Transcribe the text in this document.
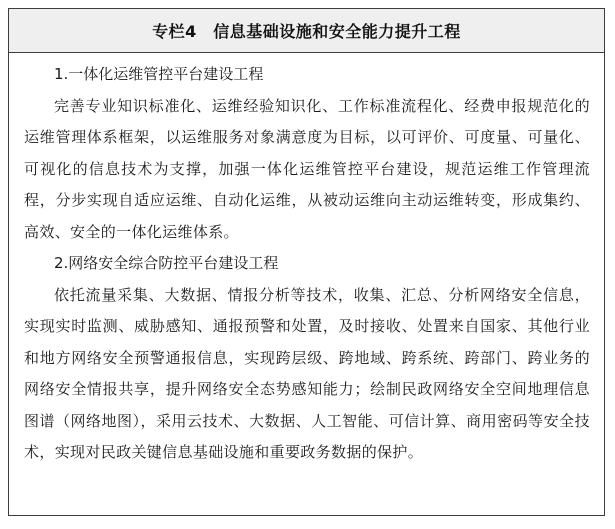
专栏4　信息基础设施和安全能力提升工程

1.一体化运维管控平台建设工程

完善专业知识标准化、运维经验知识化、工作标准流程化、经费申报规范化的运维管理体系框架，以运维服务对象满意度为目标，以可评价、可度量、可量化、可视化的信息技术为支撑，加强一体化运维管控平台建设，规范运维工作管理流程，分步实现自适应运维、自动化运维，从被动运维向主动运维转变，形成集约、高效、安全的一体化运维体系。

2.网络安全综合防控平台建设工程

依托流量采集、大数据、情报分析等技术，收集、汇总、分析网络安全信息，实现实时监测、威胁感知、通报预警和处置，及时接收、处置来自国家、其他行业和地方网络安全预警通报信息，实现跨层级、跨地域、跨系统、跨部门、跨业务的网络安全情报共享，提升网络安全态势感知能力；绘制民政网络安全空间地理信息图谱（网络地图），采用云技术、大数据、人工智能、可信计算、商用密码等安全技术，实现对民政关键信息基础设施和重要政务数据的保护。
